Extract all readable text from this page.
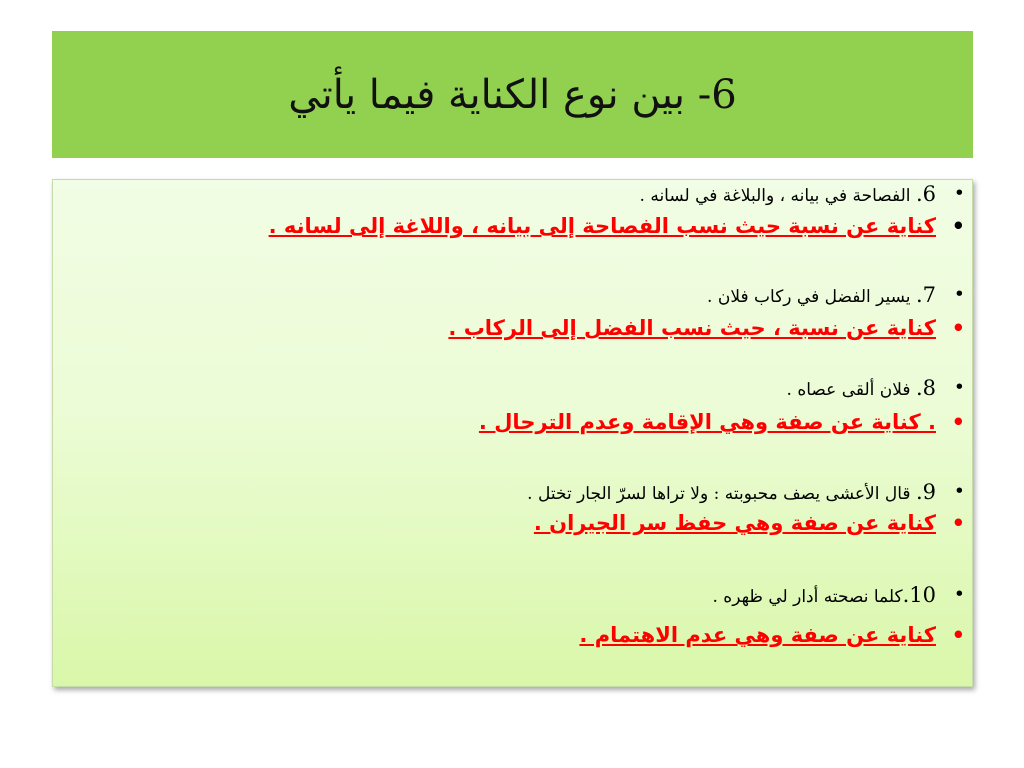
6- بين نوع الكناية فيما يأتي
• 6. الفصاحة في بيانه ، والبلاغة في لسانه .
• كناية عن نسبة حيث نسب الفصاحة إلى بيانه ، واللاغة إلى لسانه .
• 7. يسير الفضل في ركاب فلان .
• كناية عن نسبة ، حيث نسب الفضل إلى الركاب .
• 8. فلان ألقى عصاه .
• . كناية عن صفة وهي الإقامة وعدم الترحال .
• 9. قال الأعشى يصف محبوبته : ولا تراها لسرّ الجار تختل .
• كناية عن صفة وهي حفظ سر الجيران .
• 10.كلما نصحته أدار لي ظهره .
• كناية عن صفة وهي عدم الاهتمام .
